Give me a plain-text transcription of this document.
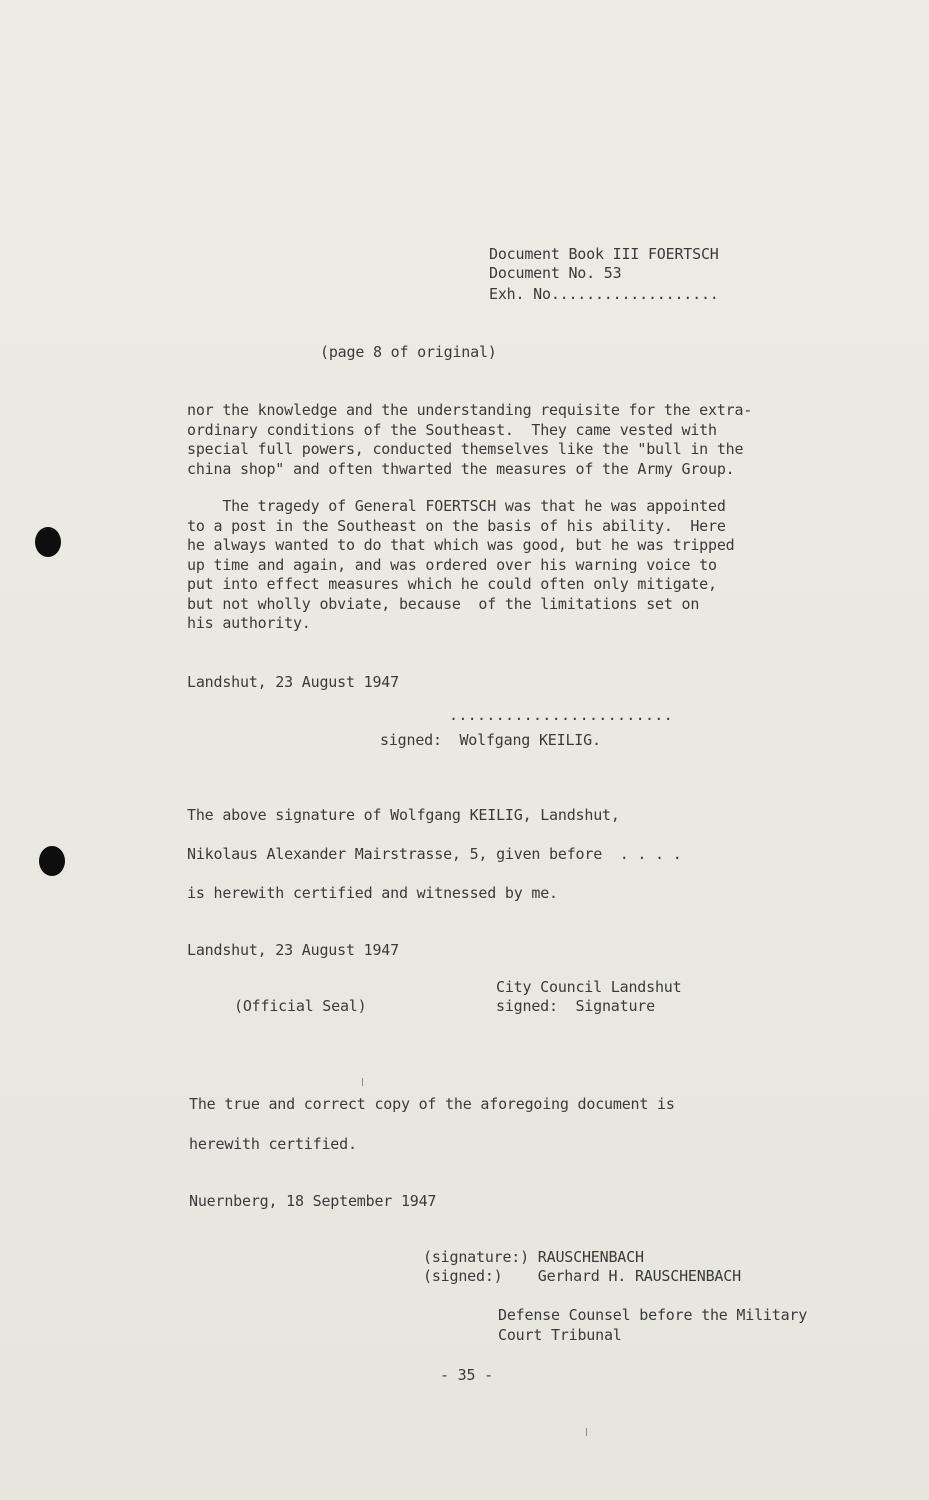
Document Book III FOERTSCH
Document No. 53
Exh. No...................
(page 8 of original)
nor the knowledge and the understanding requisite for the extra-
ordinary conditions of the Southeast.  They came vested with
special full powers, conducted themselves like the "bull in the
china shop" and often thwarted the measures of the Army Group.
The tragedy of General FOERTSCH was that he was appointed
to a post in the Southeast on the basis of his ability.  Here
he always wanted to do that which was good, but he was tripped
up time and again, and was ordered over his warning voice to
put into effect measures which he could often only mitigate,
but not wholly obviate, because  of the limitations set on
his authority.
Landshut, 23 August 1947
........................
signed:  Wolfgang KEILIG.
The above signature of Wolfgang KEILIG, Landshut,
Nikolaus Alexander Mairstrasse, 5, given before  . . . .
is herewith certified and witnessed by me.
Landshut, 23 August 1947
City Council Landshut
(Official Seal)	signed:  Signature
The true and correct copy of the aforegoing document is
herewith certified.
Nuernberg, 18 September 1947
(signature:) RAUSCHENBACH
(signed:)    Gerhard H. RAUSCHENBACH
Defense Counsel before the Military
Court Tribunal
- 35 -
